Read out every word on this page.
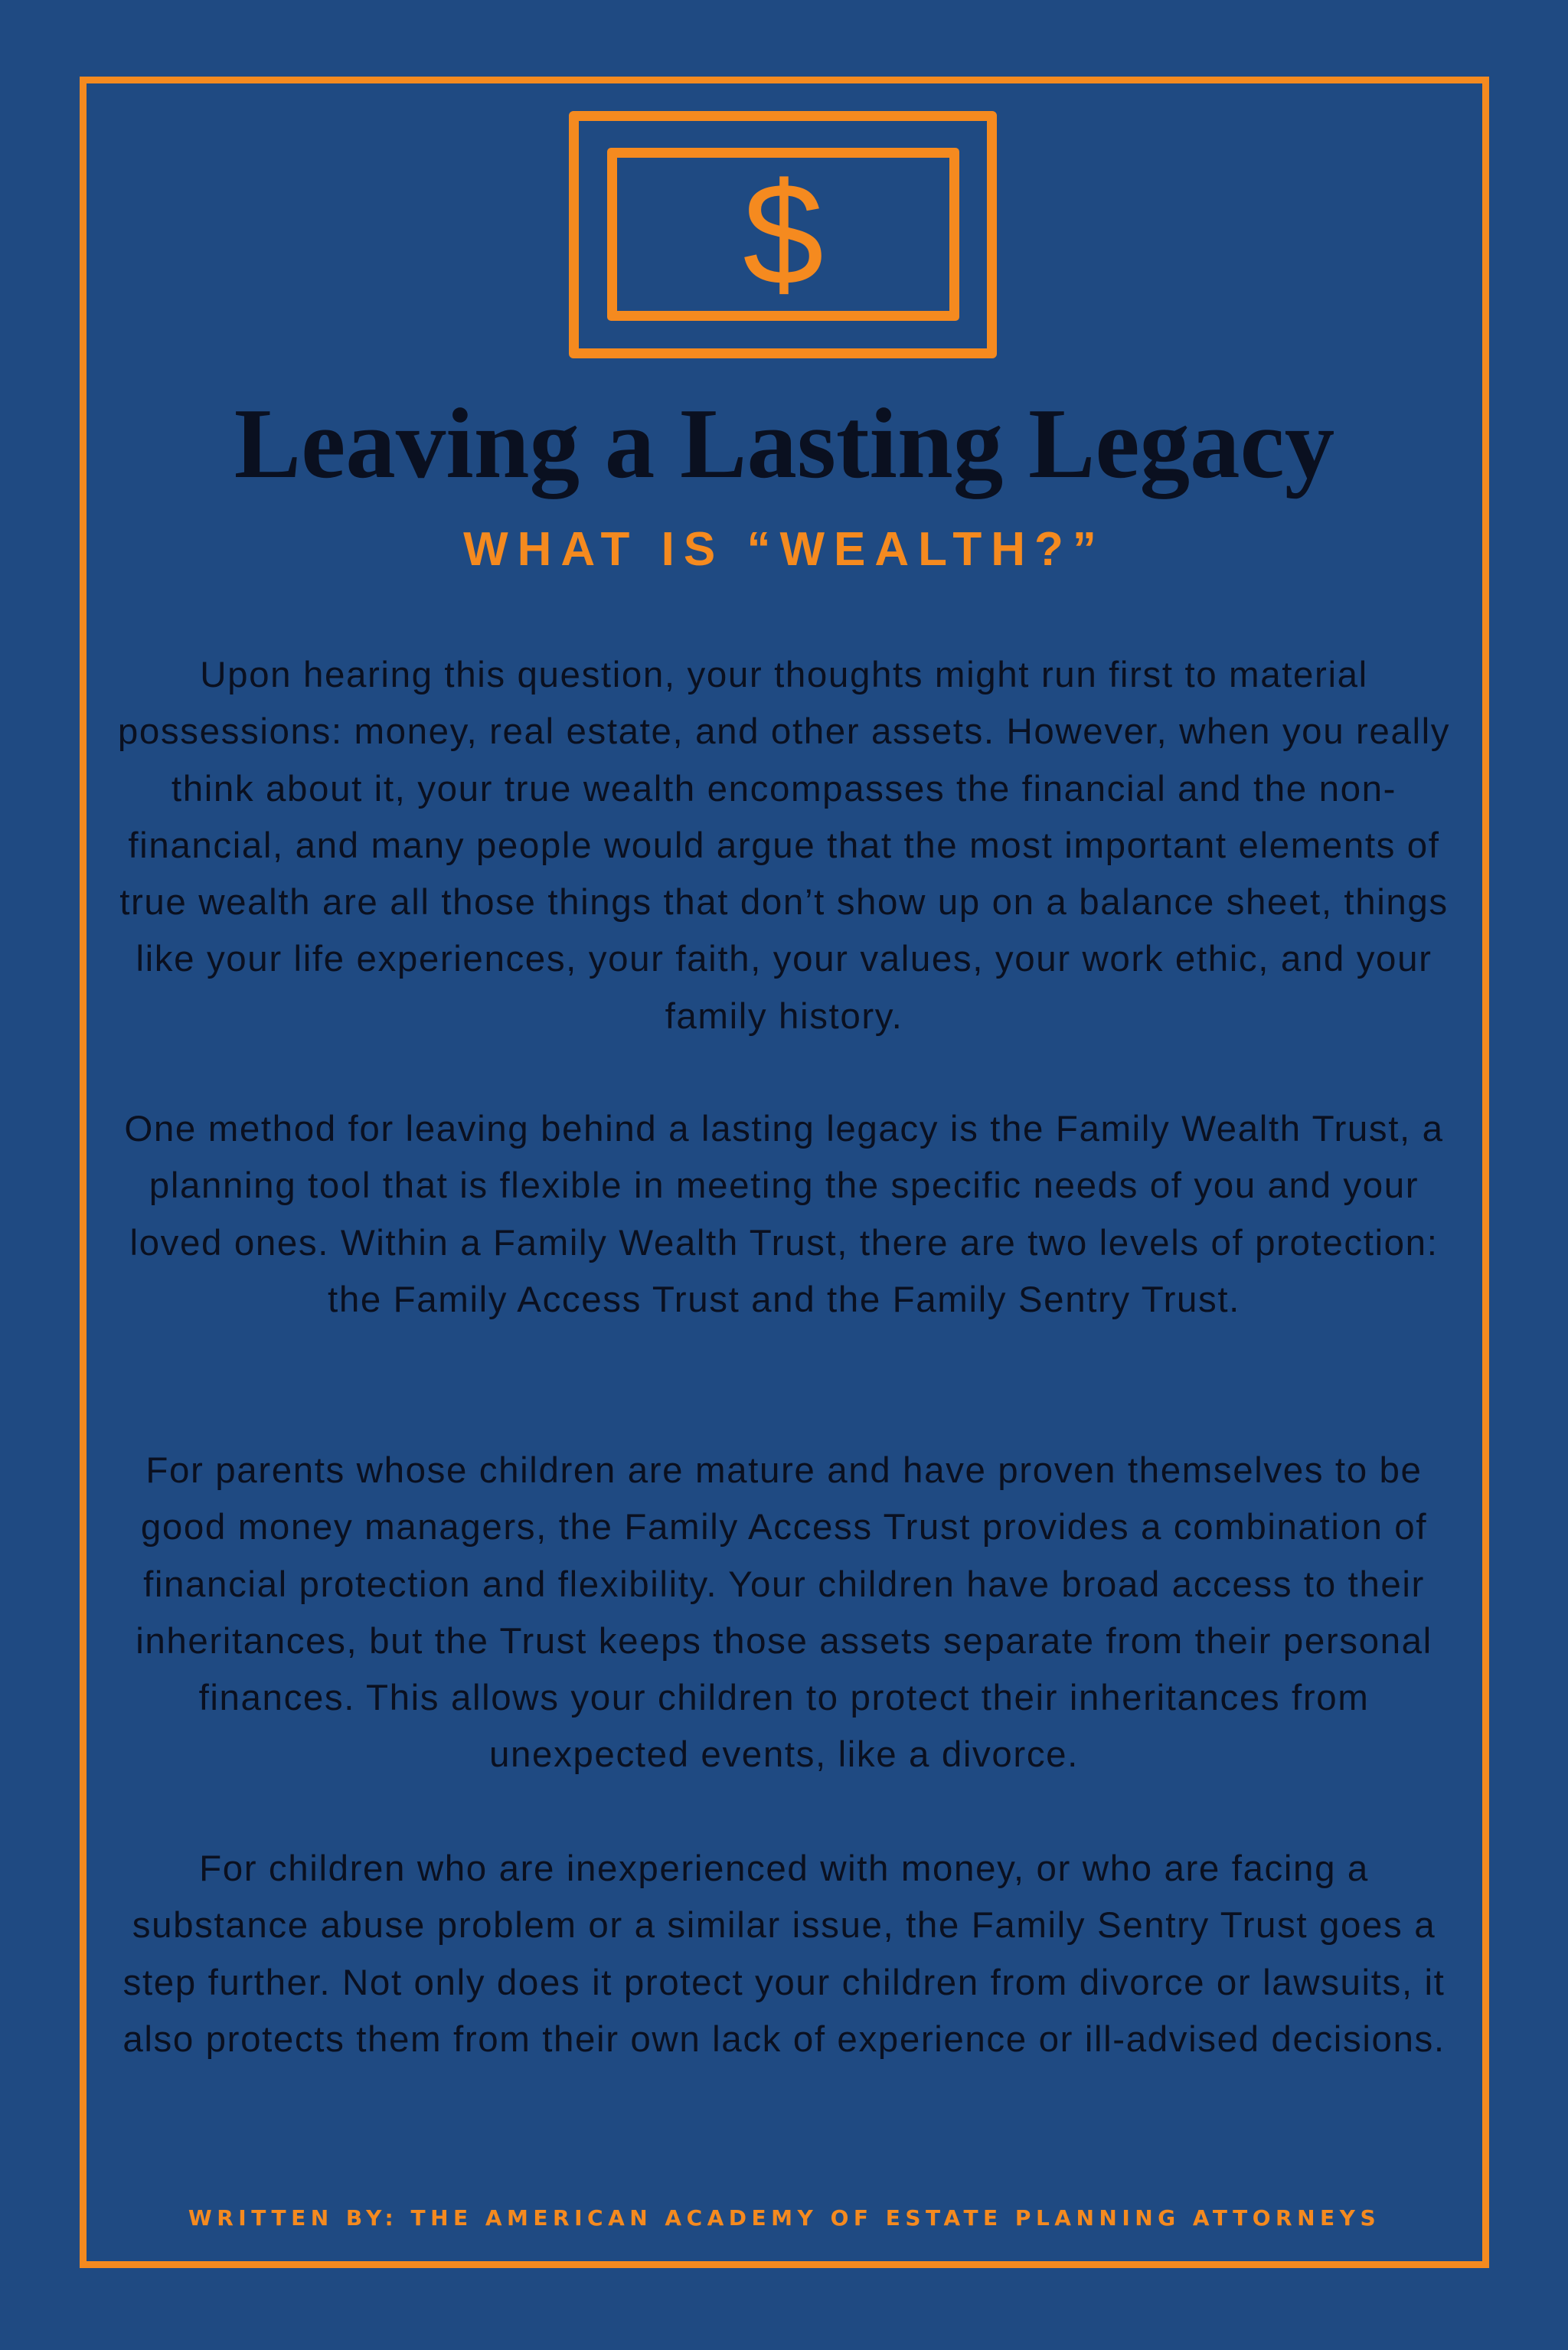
$
Leaving a Lasting Legacy
WHAT IS “WEALTH?”

Upon hearing this question, your thoughts might run first to material possessions: money, real estate, and other assets. However, when you really think about it, your true wealth encompasses the financial and the non-financial, and many people would argue that the most important elements of true wealth are all those things that don’t show up on a balance sheet, things like your life experiences, your faith, your values, your work ethic, and your family history.

One method for leaving behind a lasting legacy is the Family Wealth Trust, a planning tool that is flexible in meeting the specific needs of you and your loved ones. Within a Family Wealth Trust, there are two levels of protection: the Family Access Trust and the Family Sentry Trust.

For parents whose children are mature and have proven themselves to be good money managers, the Family Access Trust provides a combination of financial protection and flexibility. Your children have broad access to their inheritances, but the Trust keeps those assets separate from their personal finances. This allows your children to protect their inheritances from unexpected events, like a divorce.

For children who are inexperienced with money, or who are facing a substance abuse problem or a similar issue, the Family Sentry Trust goes a step further. Not only does it protect your children from divorce or lawsuits, it also protects them from their own lack of experience or ill-advised decisions.

WRITTEN BY: THE AMERICAN ACADEMY OF ESTATE PLANNING ATTORNEYS
